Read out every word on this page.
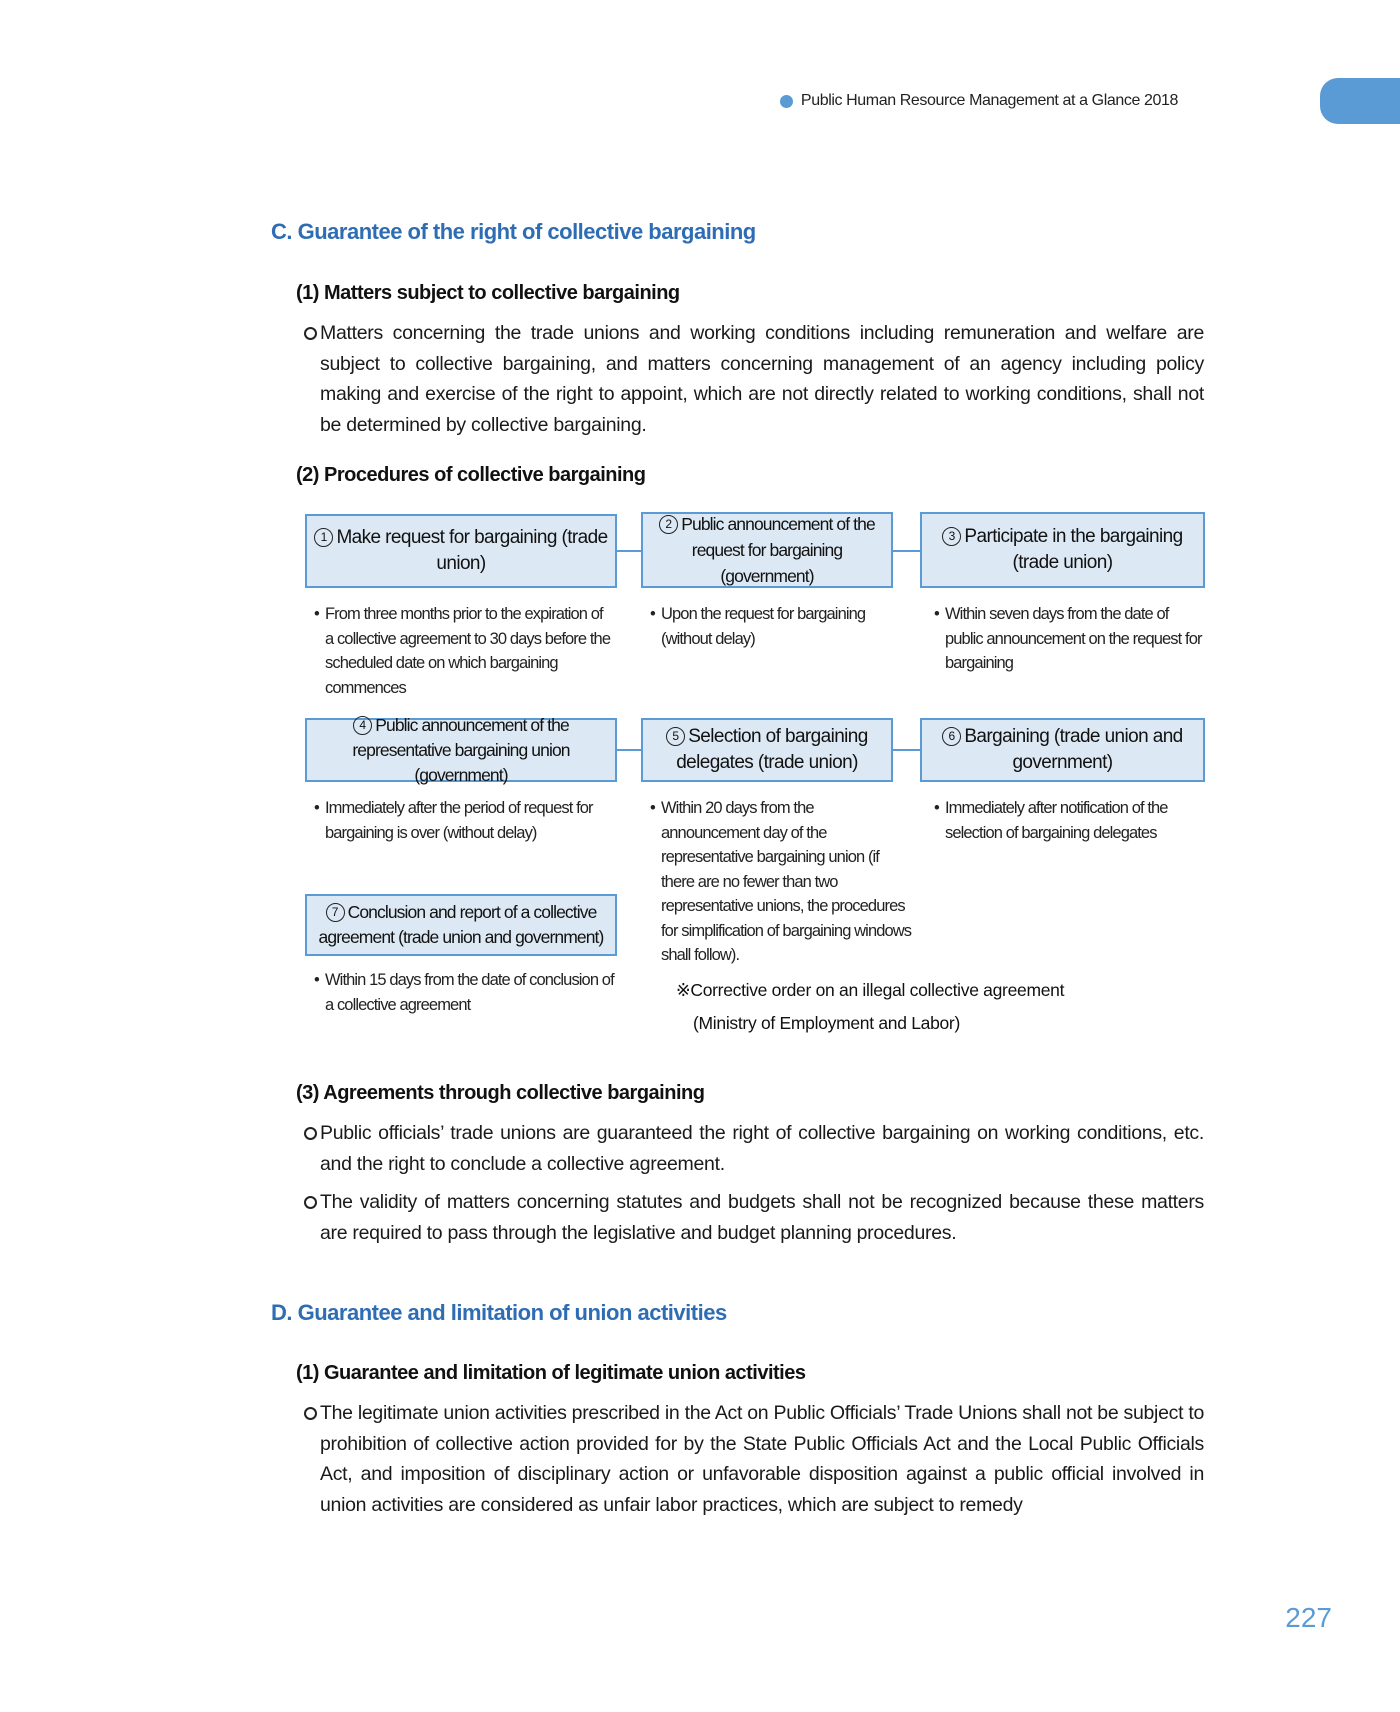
Public Human Resource Management at a Glance 2018
C. Guarantee of the right of collective bargaining
(1) Matters subject to collective bargaining
Matters concerning the trade unions and working conditions including remuneration and welfare are subject to collective bargaining, and matters concerning management of an agency including policy making and exercise of the right to appoint, which are not directly related to working conditions, shall not be determined by collective bargaining.
(2) Procedures of collective bargaining
1 Make request for bargaining (trade union)
2 Public announcement of the request for bargaining (government)
3 Participate in the bargaining (trade union)
• From three months prior to the expiration of a collective agreement to 30 days before the scheduled date on which bargaining commences
• Upon the request for bargaining (without delay)
• Within seven days from the date of public announcement on the request for bargaining
4 Public announcement of the representative bargaining union (government)
5 Selection of bargaining delegates (trade union)
6 Bargaining (trade union and government)
• Immediately after the period of request for bargaining is over (without delay)
• Within 20 days from the announcement day of the representative bargaining union (if there are no fewer than two representative unions, the procedures for simplification of bargaining windows shall follow).
• Immediately after notification of the selection of bargaining delegates
7 Conclusion and report of a collective agreement (trade union and government)
• Within 15 days from the date of conclusion of a collective agreement
※Corrective order on an illegal collective agreement
(Ministry of Employment and Labor)
(3) Agreements through collective bargaining
Public officials’ trade unions are guaranteed the right of collective bargaining on working conditions, etc. and the right to conclude a collective agreement.
The validity of matters concerning statutes and budgets shall not be recognized because these matters are required to pass through the legislative and budget planning procedures.
D. Guarantee and limitation of union activities
(1) Guarantee and limitation of legitimate union activities
The legitimate union activities prescribed in the Act on Public Officials’ Trade Unions shall not be subject to prohibition of collective action provided for by the State Public Officials Act and the Local Public Officials Act, and imposition of disciplinary action or unfavorable disposition against a public official involved in union activities are considered as unfair labor practices, which are subject to remedy
227
